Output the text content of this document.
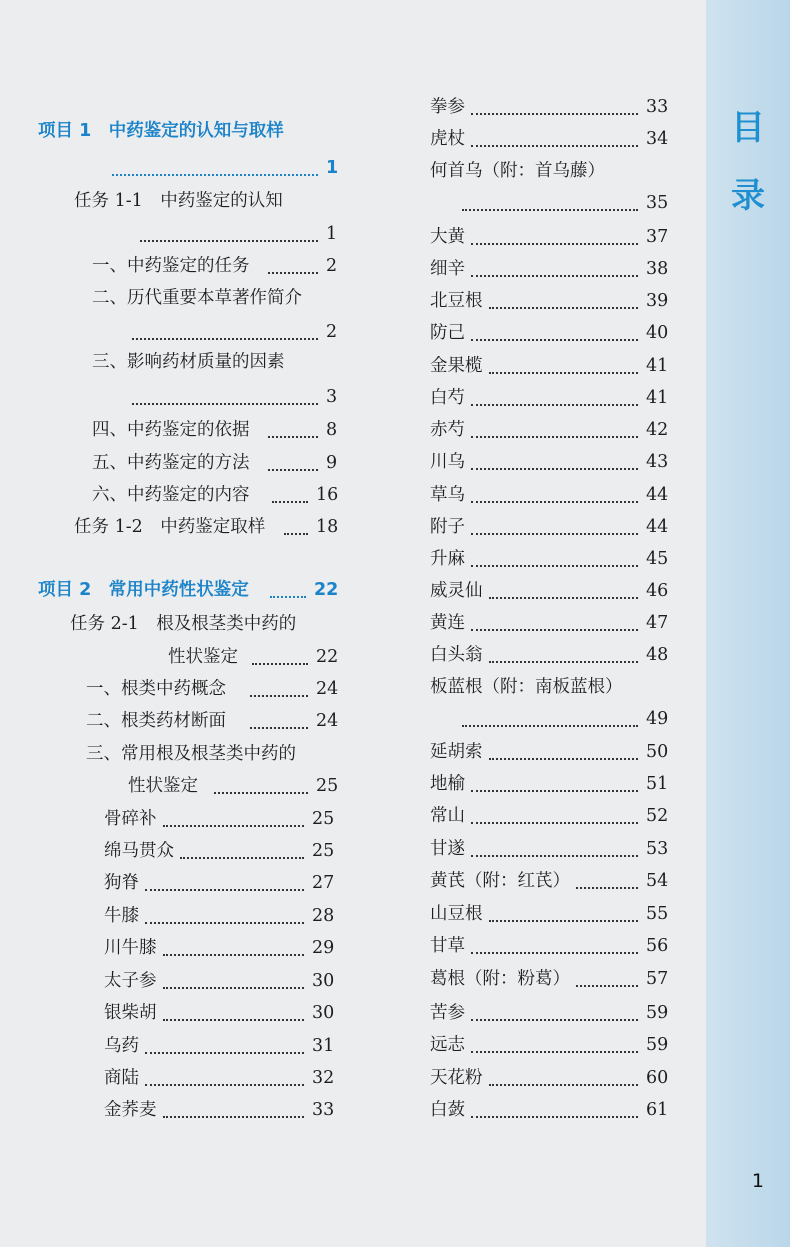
目
录
1
项目 1　中药鉴定的认知与取样
1
任务 1-1　中药鉴定的认知
1
一、中药鉴定的任务	2
二、历代重要本草著作简介
2
三、影响药材质量的因素
3
四、中药鉴定的依据	8
五、中药鉴定的方法	9
六、中药鉴定的内容	16
任务 1-2　中药鉴定取样	18
项目 2　常用中药性状鉴定	22
任务 2-1　根及根茎类中药的
性状鉴定	22
一、根类中药概念	24
二、根类药材断面	24
三、常用根及根茎类中药的
性状鉴定	25
骨碎补	25
绵马贯众	25
狗脊	27
牛膝	28
川牛膝	29
太子参	30
银柴胡	30
乌药	31
商陆	32
金荞麦	33
拳参	33
虎杖	34
何首乌（附：首乌藤）
35
大黄	37
细辛	38
北豆根	39
防己	40
金果榄	41
白芍	41
赤芍	42
川乌	43
草乌	44
附子	44
升麻	45
威灵仙	46
黄连	47
白头翁	48
板蓝根（附：南板蓝根）
49
延胡索	50
地榆	51
常山	52
甘遂	53
黄芪（附：红芪）	54
山豆根	55
甘草	56
葛根（附：粉葛）	57
苦参	59
远志	59
天花粉	60
白蔹	61
